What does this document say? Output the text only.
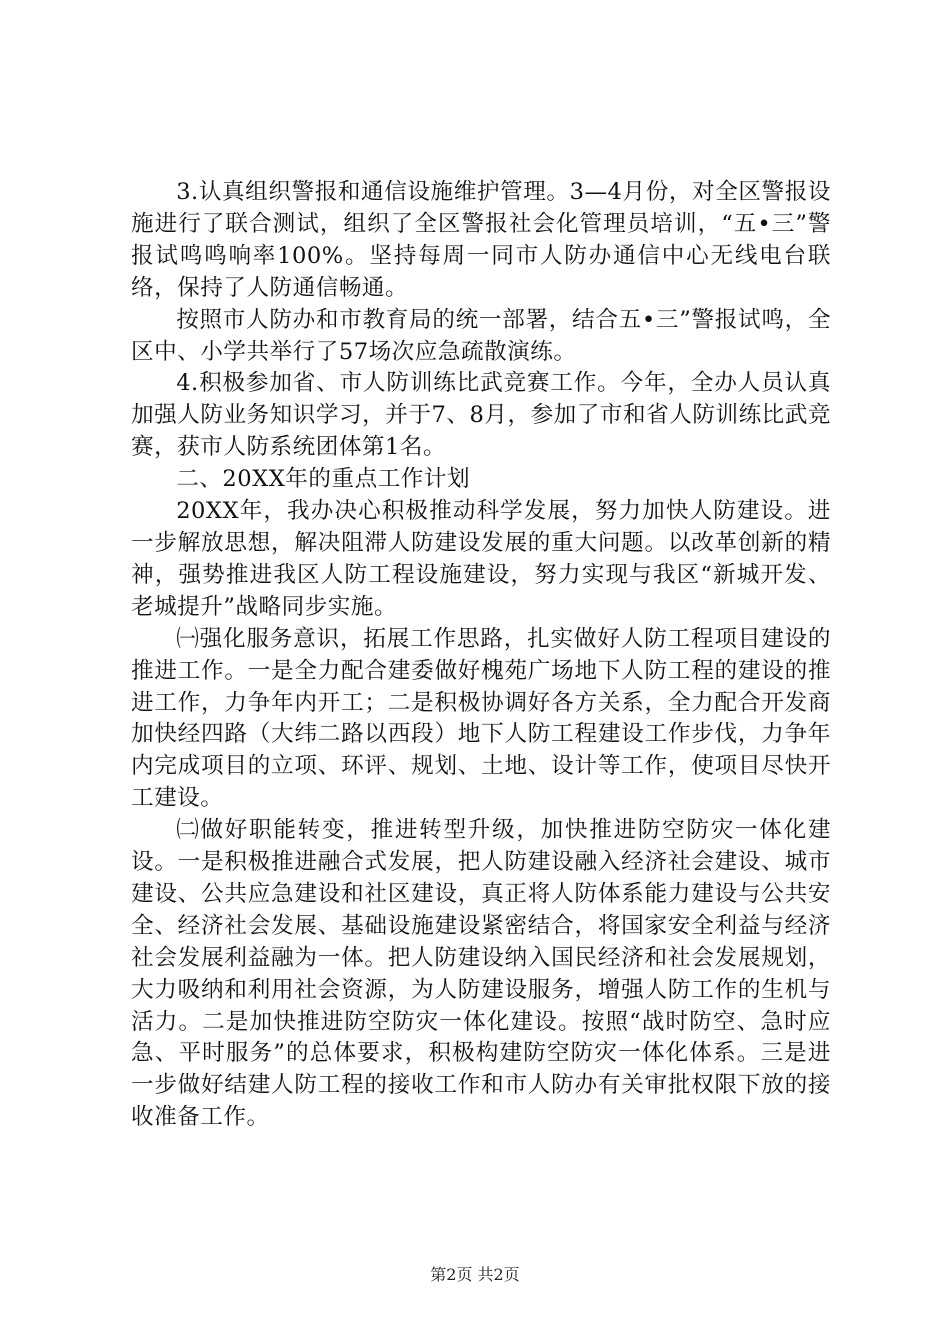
3.认真组织警报和通信设施维护管理。3—4月份，对全区警报设施进行了联合测试，组织了全区警报社会化管理员培训，“五•三”警报试鸣鸣响率100%。坚持每周一同市人防办通信中心无线电台联络，保持了人防通信畅通。

按照市人防办和市教育局的统一部署，结合五•三”警报试鸣，全区中、小学共举行了57场次应急疏散演练。

4.积极参加省、市人防训练比武竞赛工作。今年，全办人员认真加强人防业务知识学习，并于7、8月，参加了市和省人防训练比武竞赛，获市人防系统团体第1名。

二、20XX年的重点工作计划

20XX年，我办决心积极推动科学发展，努力加快人防建设。进一步解放思想，解决阻滞人防建设发展的重大问题。以改革创新的精神，强势推进我区人防工程设施建设，努力实现与我区“新城开发、老城提升”战略同步实施。

㈠强化服务意识，拓展工作思路，扎实做好人防工程项目建设的推进工作。一是全力配合建委做好槐苑广场地下人防工程的建设的推进工作，力争年内开工；二是积极协调好各方关系，全力配合开发商加快经四路（大纬二路以西段）地下人防工程建设工作步伐，力争年内完成项目的立项、环评、规划、土地、设计等工作，使项目尽快开工建设。

㈡做好职能转变，推进转型升级，加快推进防空防灾一体化建设。一是积极推进融合式发展，把人防建设融入经济社会建设、城市建设、公共应急建设和社区建设，真正将人防体系能力建设与公共安全、经济社会发展、基础设施建设紧密结合，将国家安全利益与经济社会发展利益融为一体。把人防建设纳入国民经济和社会发展规划，大力吸纳和利用社会资源，为人防建设服务，增强人防工作的生机与活力。二是加快推进防空防灾一体化建设。按照“战时防空、急时应急、平时服务”的总体要求，积极构建防空防灾一体化体系。三是进一步做好结建人防工程的接收工作和市人防办有关审批权限下放的接收准备工作。

第2页 共2页
